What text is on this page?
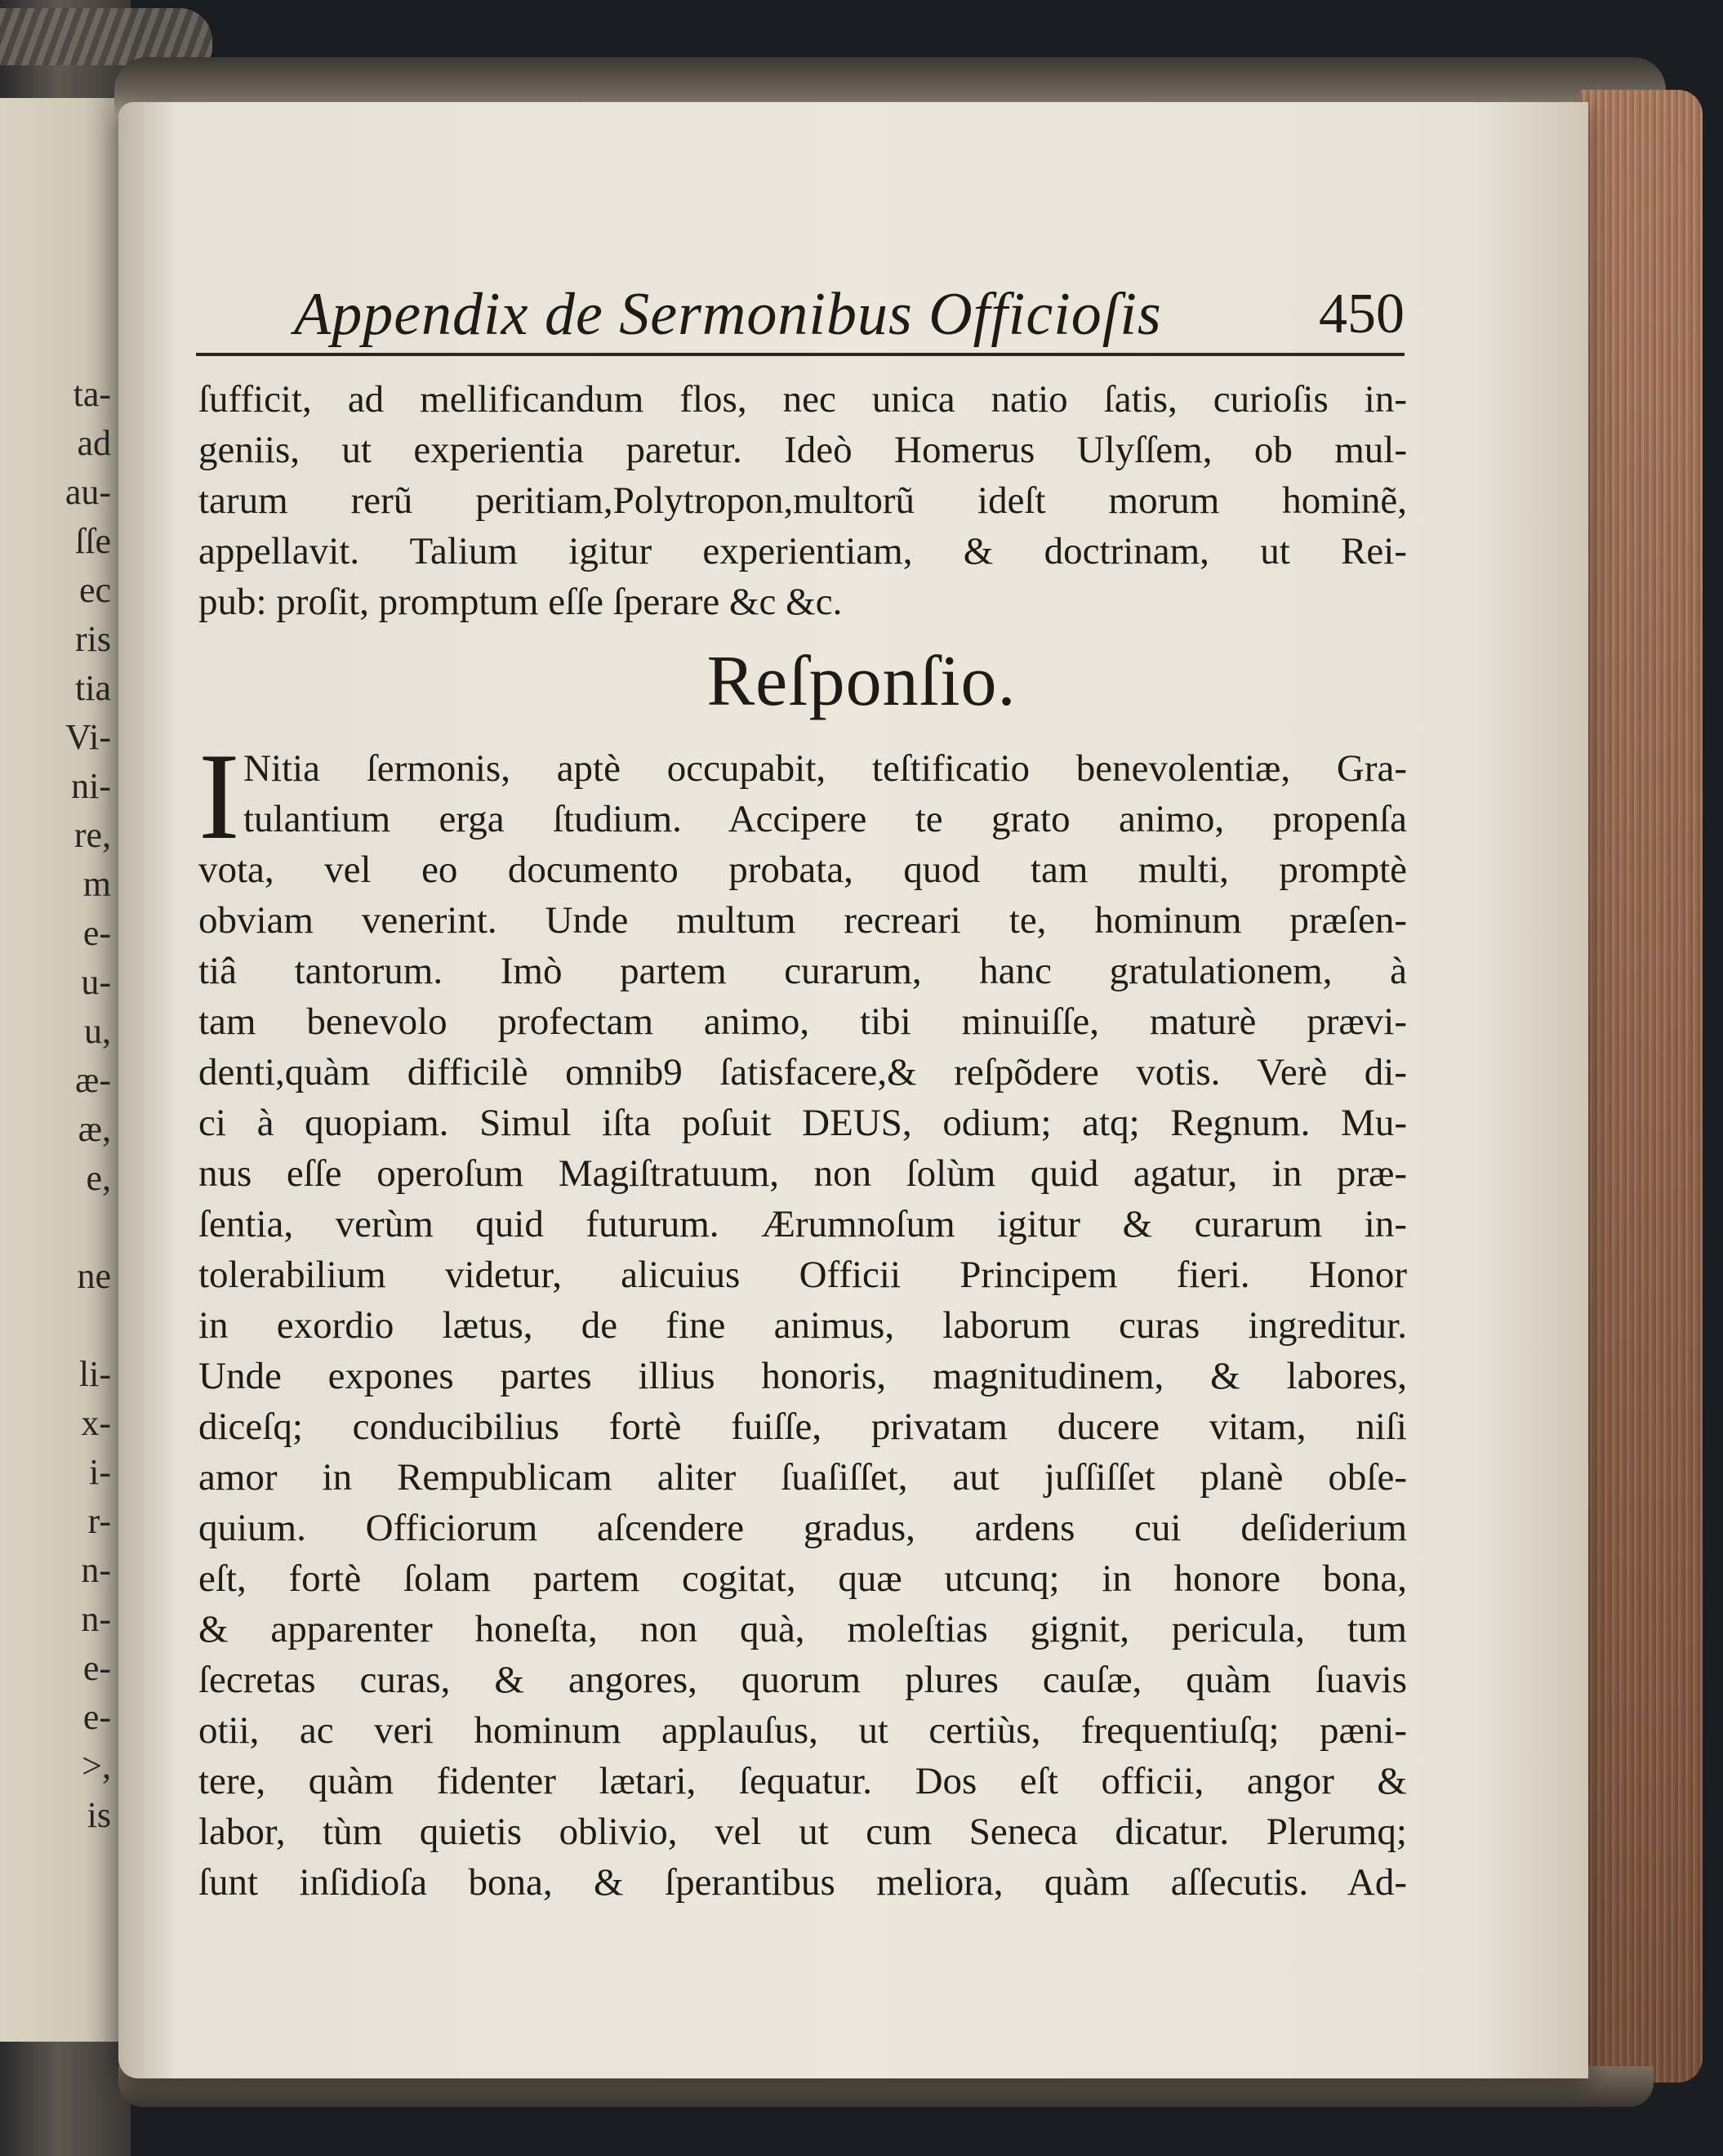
ta-
ad
au-
ſſe
ec
ris
tia
Vi-
ni-
re,
m
e-
u-
u,
æ-
æ,
e,
ne
li-
x-
i-
r-
n-
n-
e-
e-
>,
is
Appendix de Sermonibus Officioſis	450
ſufficit, ad mellificandum flos, nec unica natio ſatis, curioſis in-
geniis, ut experientia paretur. Ideò Homerus Ulyſſem, ob mul-
tarum rerũ peritiam,Polytropon,multorũ ideſt morum hominẽ,
appellavit. Talium igitur experientiam, & doctrinam, ut Rei-
pub: proſit, promptum eſſe ſperare &c &c.
Reſponſio.
I Nitia ſermonis, aptè occupabit, teſtificatio benevolentiæ, Gra-
tulantium erga ſtudium. Accipere te grato animo, propenſa
vota, vel eo documento probata, quod tam multi, promptè
obviam venerint. Unde multum recreari te, hominum præſen-
tiâ tantorum. Imò partem curarum, hanc gratulationem, à
tam benevolo profectam animo, tibi minuiſſe, maturè prævi-
denti,quàm difficilè omnib9 ſatisfacere,& reſpõdere votis. Verè di-
ci à quopiam. Simul iſta poſuit DEUS, odium; atq; Regnum. Mu-
nus eſſe operoſum Magiſtratuum, non ſolùm quid agatur, in præ-
ſentia, verùm quid futurum. Ærumnoſum igitur & curarum in-
tolerabilium videtur, alicuius Officii Principem fieri. Honor
in exordio lætus, de fine animus, laborum curas ingreditur.
Unde expones partes illius honoris, magnitudinem, & labores,
diceſq; conducibilius fortè fuiſſe, privatam ducere vitam, niſi
amor in Rempublicam aliter ſuaſiſſet, aut juſſiſſet planè obſe-
quium. Officiorum aſcendere gradus, ardens cui deſiderium
eſt, fortè ſolam partem cogitat, quæ utcunq; in honore bona,
& apparenter honeſta, non quà, moleſtias gignit, pericula, tum
ſecretas curas, & angores, quorum plures cauſæ, quàm ſuavis
otii, ac veri hominum applauſus, ut certiùs, frequentiuſq; pæni-
tere, quàm fidenter lætari, ſequatur. Dos eſt officii, angor &
labor, tùm quietis oblivio, vel ut cum Seneca dicatur. Plerumq;
ſunt inſidioſa bona, & ſperantibus meliora, quàm aſſecutis. Ad-
